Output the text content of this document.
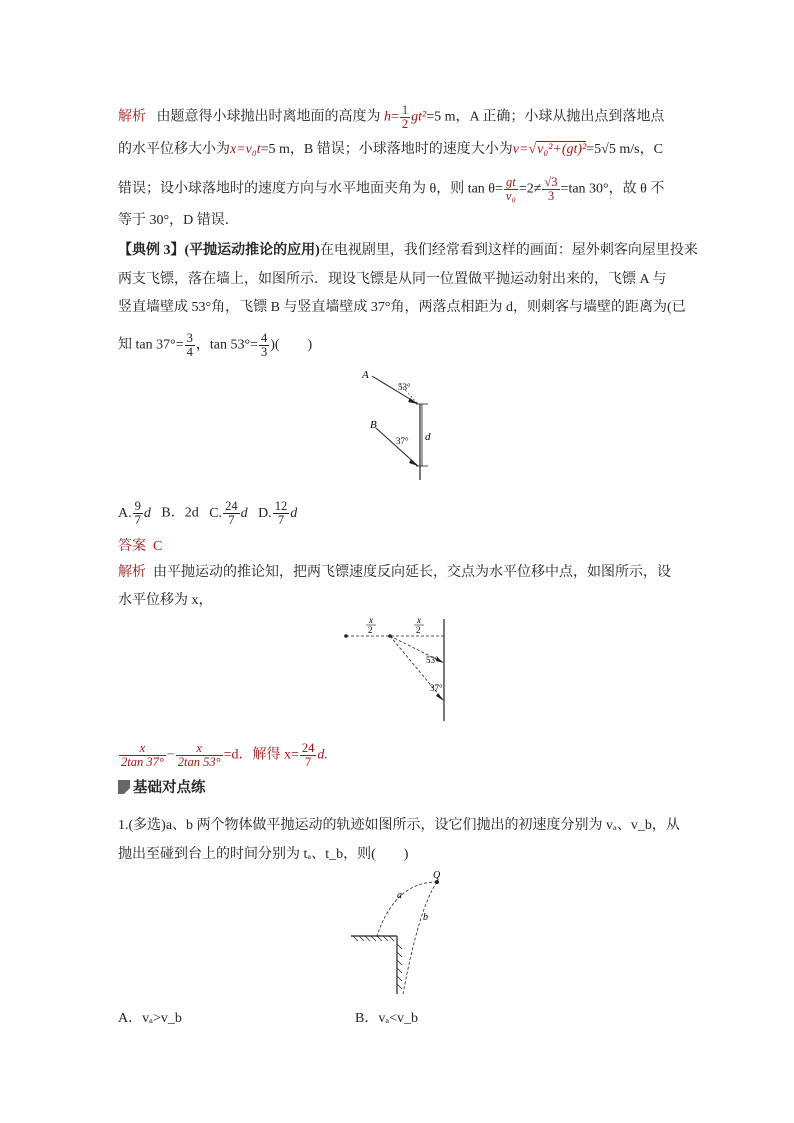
解析 由题意得小球抛出时离地面的高度为 $h= \frac{1}{2} gt^2=5$ m，A 正确；小球从抛出点到落地点
的水平位移大小为x=v₀t=5 m，B 错误；小球落地时的速度大小为v=√v₀²+(gt)²=5√5 m/s，C
错误；设小球落地时的速度方向与水平地面夹角为 θ，则 $\tan \theta= \frac{gt}{\text{v₀}} =2\ne \frac{√3}{3} =\tan$ 30°，故 θ 不
等于 30°，D 错误．
【典例 3】(平抛运动推论的应用)在电视剧里，我们经常看到这样的画面：屋外刺客向屋里投来
两支飞镖，落在墙上，如图所示．现设飞镖是从同一位置做平抛运动射出来的，飞镖 A 与
竖直墙壁成 53°角，飞镖 B 与竖直墙壁成 37°角，两落点相距为 d，则刺客与墙壁的距离为(已
知 $\tan 37^\circ= \frac{3}{4}$ ，$\tan 53^\circ= \frac{4}{3}$ )(　　)
A
B
53°
37° d
A. $\frac{9}{7}$ d B．2d C. $\frac{24}{7}$ d D. $\frac{12}{7}$ d
答案 C
解析 由平抛运动的推论知，把两飞镖速度反向延长，交点为水平位移中点，如图所示，设
水平位移为 x，
x
2
x
2
53°
37°
$\frac{x}{2\tan 37^\circ} - \frac{x}{2\tan 53^\circ} =d$．解得 $x= \frac{24}{7} d$.
基础对点练
1.(多选)a、b 两个物体做平抛运动的轨迹如图所示，设它们抛出的初速度分别为 vₐ、v_b，从
抛出至碰到台上的时间分别为 tₐ、t_b，则(　　)
Q
a
b
A．vₐ>v_b	B．vₐ<v_b
